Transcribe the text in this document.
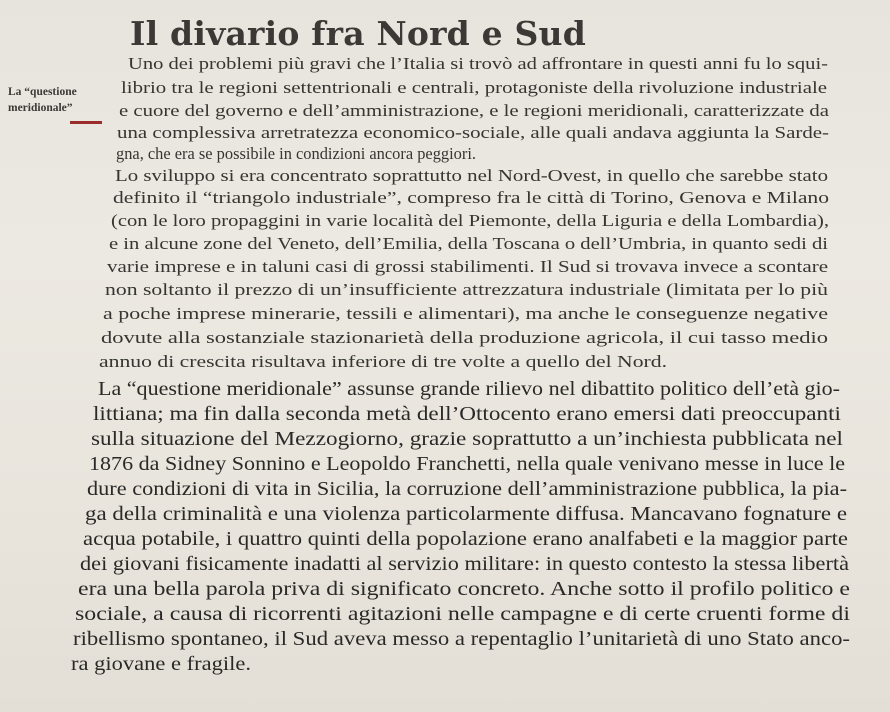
Il divario fra Nord e Sud
La “questione
meridionale”
Uno dei problemi più gravi che l’Italia si trovò ad affrontare in questi anni fu lo squi-
librio tra le regioni settentrionali e centrali, protagoniste della rivoluzione industriale
e cuore del governo e dell’amministrazione, e le regioni meridionali, caratterizzate da
una complessiva arretratezza economico-sociale, alle quali andava aggiunta la Sarde-
gna, che era se possibile in condizioni ancora peggiori.
Lo sviluppo si era concentrato soprattutto nel Nord-Ovest, in quello che sarebbe stato
definito il “triangolo industriale”, compreso fra le città di Torino, Genova e Milano
(con le loro propaggini in varie località del Piemonte, della Liguria e della Lombardia),
e in alcune zone del Veneto, dell’Emilia, della Toscana o dell’Umbria, in quanto sedi di
varie imprese e in taluni casi di grossi stabilimenti. Il Sud si trovava invece a scontare
non soltanto il prezzo di un’insufficiente attrezzatura industriale (limitata per lo più
a poche imprese minerarie, tessili e alimentari), ma anche le conseguenze negative
dovute alla sostanziale stazionarietà della produzione agricola, il cui tasso medio
annuo di crescita risultava inferiore di tre volte a quello del Nord.
La “questione meridionale” assunse grande rilievo nel dibattito politico dell’età gio-
littiana; ma fin dalla seconda metà dell’Ottocento erano emersi dati preoccupanti
sulla situazione del Mezzogiorno, grazie soprattutto a un’inchiesta pubblicata nel
1876 da Sidney Sonnino e Leopoldo Franchetti, nella quale venivano messe in luce le
dure condizioni di vita in Sicilia, la corruzione dell’amministrazione pubblica, la pia-
ga della criminalità e una violenza particolarmente diffusa. Mancavano fognature e
acqua potabile, i quattro quinti della popolazione erano analfabeti e la maggior parte
dei giovani fisicamente inadatti al servizio militare: in questo contesto la stessa libertà
era una bella parola priva di significato concreto. Anche sotto il profilo politico e
sociale, a causa di ricorrenti agitazioni nelle campagne e di certe cruenti forme di
ribellismo spontaneo, il Sud aveva messo a repentaglio l’unitarietà di uno Stato anco-
ra giovane e fragile.
